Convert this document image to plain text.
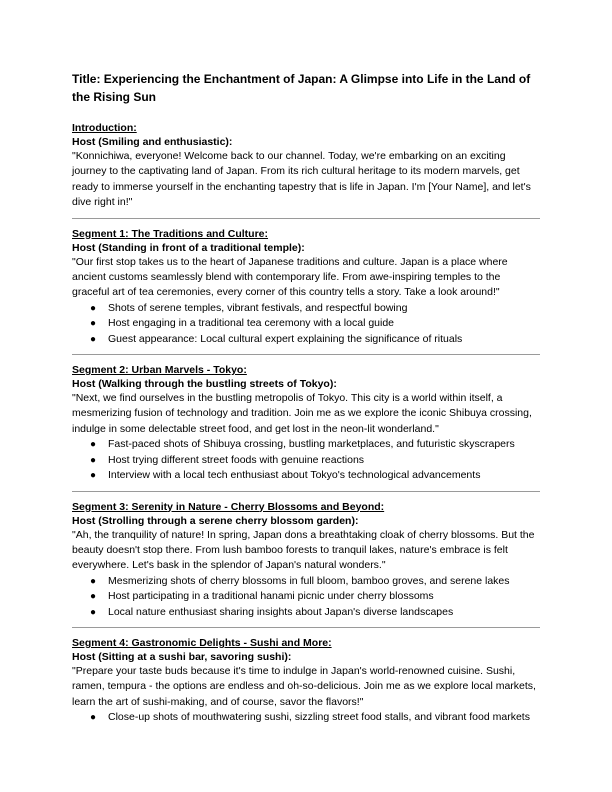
Title: Experiencing the Enchantment of Japan: A Glimpse into Life in the Land of the Rising Sun
Introduction:
Host (Smiling and enthusiastic):
"Konnichiwa, everyone! Welcome back to our channel. Today, we're embarking on an exciting journey to the captivating land of Japan. From its rich cultural heritage to its modern marvels, get ready to immerse yourself in the enchanting tapestry that is life in Japan. I'm [Your Name], and let's dive right in!"
Segment 1: The Traditions and Culture:
Host (Standing in front of a traditional temple):
"Our first stop takes us to the heart of Japanese traditions and culture. Japan is a place where ancient customs seamlessly blend with contemporary life. From awe-inspiring temples to the graceful art of tea ceremonies, every corner of this country tells a story. Take a look around!"
● Shots of serene temples, vibrant festivals, and respectful bowing
● Host engaging in a traditional tea ceremony with a local guide
● Guest appearance: Local cultural expert explaining the significance of rituals
Segment 2: Urban Marvels - Tokyo:
Host (Walking through the bustling streets of Tokyo):
"Next, we find ourselves in the bustling metropolis of Tokyo. This city is a world within itself, a mesmerizing fusion of technology and tradition. Join me as we explore the iconic Shibuya crossing, indulge in some delectable street food, and get lost in the neon-lit wonderland."
● Fast-paced shots of Shibuya crossing, bustling marketplaces, and futuristic skyscrapers
● Host trying different street foods with genuine reactions
● Interview with a local tech enthusiast about Tokyo's technological advancements
Segment 3: Serenity in Nature - Cherry Blossoms and Beyond:
Host (Strolling through a serene cherry blossom garden):
"Ah, the tranquility of nature! In spring, Japan dons a breathtaking cloak of cherry blossoms. But the beauty doesn't stop there. From lush bamboo forests to tranquil lakes, nature's embrace is felt everywhere. Let's bask in the splendor of Japan's natural wonders."
● Mesmerizing shots of cherry blossoms in full bloom, bamboo groves, and serene lakes
● Host participating in a traditional hanami picnic under cherry blossoms
● Local nature enthusiast sharing insights about Japan's diverse landscapes
Segment 4: Gastronomic Delights - Sushi and More:
Host (Sitting at a sushi bar, savoring sushi):
"Prepare your taste buds because it's time to indulge in Japan's world-renowned cuisine. Sushi, ramen, tempura - the options are endless and oh-so-delicious. Join me as we explore local markets, learn the art of sushi-making, and of course, savor the flavors!"
● Close-up shots of mouthwatering sushi, sizzling street food stalls, and vibrant food markets
